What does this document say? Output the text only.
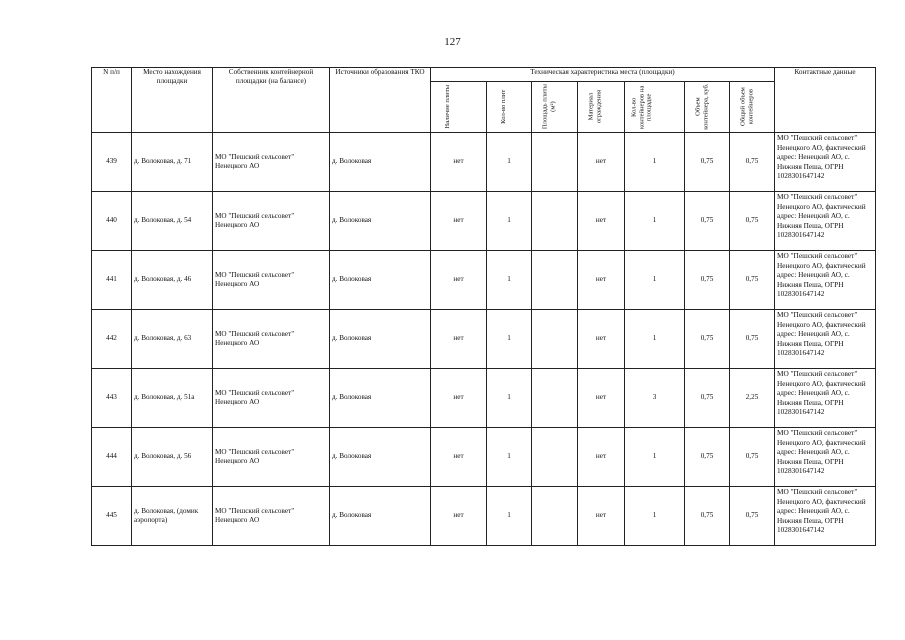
127
N п/п	Место нахождения площадки	Собственник контейнерной площадки (на балансе)	Источники образования ТКО	Техническая характеристика места (площадки)							Контактные данные

				Наличие плиты	Кол-во плит	Площадь плиты (м²)	Материал ограждения	Кол-во контейнеров на площадке	Объем контейнера, куб.	Общий объем контейнеров	

439	д. Волоковая, д. 71	МО "Пешский сельсовет" Ненецкого АО	д. Волоковая	нет	1		нет	1	0,75	0,75	МО "Пешский сельсовет" Ненецкого АО, фактический адрес: Ненецкий АО, с. Нижняя Пеша, ОГРН 1028301647142
440	д. Волоковая, д. 54	МО "Пешский сельсовет" Ненецкого АО	д. Волоковая	нет	1		нет	1	0,75	0,75	МО "Пешский сельсовет" Ненецкого АО, фактический адрес: Ненецкий АО, с. Нижняя Пеша, ОГРН 1028301647142
441	д. Волоковая, д. 46	МО "Пешский сельсовет" Ненецкого АО	д. Волоковая	нет	1		нет	1	0,75	0,75	МО "Пешский сельсовет" Ненецкого АО, фактический адрес: Ненецкий АО, с. Нижняя Пеша, ОГРН 1028301647142
442	д. Волоковая, д. 63	МО "Пешский сельсовет" Ненецкого АО	д. Волоковая	нет	1		нет	1	0,75	0,75	МО "Пешский сельсовет" Ненецкого АО, фактический адрес: Ненецкий АО, с. Нижняя Пеша, ОГРН 1028301647142
443	д. Волоковая, д. 51а	МО "Пешский сельсовет" Ненецкого АО	д. Волоковая	нет	1		нет	3	0,75	2,25	МО "Пешский сельсовет" Ненецкого АО, фактический адрес: Ненецкий АО, с. Нижняя Пеша, ОГРН 1028301647142
444	д. Волоковая, д. 56	МО "Пешский сельсовет" Ненецкого АО	д. Волоковая	нет	1		нет	1	0,75	0,75	МО "Пешский сельсовет" Ненецкого АО, фактический адрес: Ненецкий АО, с. Нижняя Пеша, ОГРН 1028301647142
445	д. Волоковая, (домик аэропорта)	МО "Пешский сельсовет" Ненецкого АО	д. Волоковая	нет	1		нет	1	0,75	0,75	МО "Пешский сельсовет" Ненецкого АО, фактический адрес: Ненецкий АО, с. Нижняя Пеша, ОГРН 1028301647142
